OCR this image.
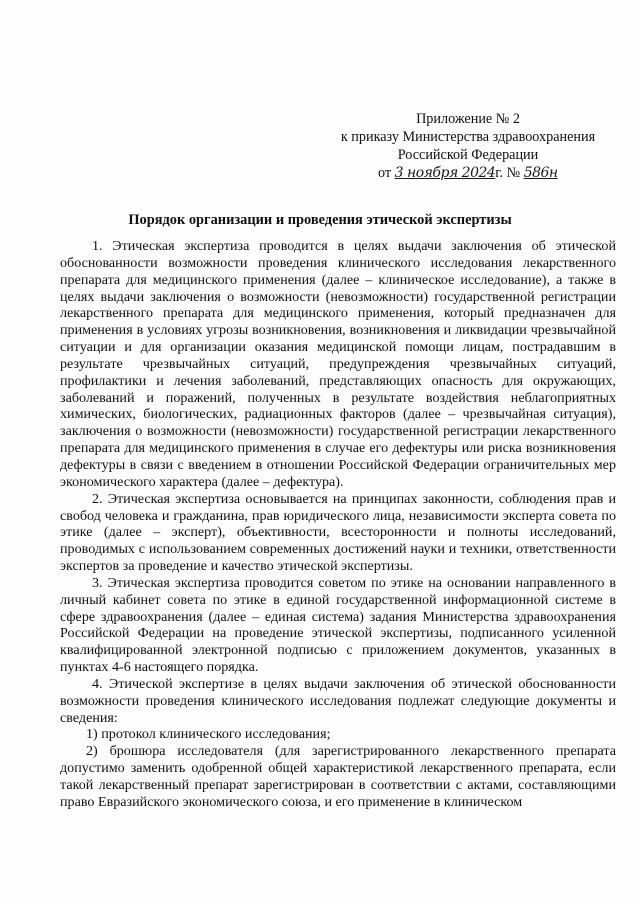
Приложение № 2
к приказу Министерства здравоохранения
Российской Федерации
от 3 ноября 2024г. № 586н
Порядок организации и проведения этической экспертизы

1. Этическая экспертиза проводится в целях выдачи заключения об этической обоснованности возможности проведения клинического исследования лекарственного препарата для медицинского применения (далее – клиническое исследование), а также в целях выдачи заключения о возможности (невозможности) государственной регистрации лекарственного препарата для медицинского применения, который предназначен для применения в условиях угрозы возникновения, возникновения и ликвидации чрезвычайной ситуации и для организации оказания медицинской помощи лицам, пострадавшим в результате чрезвычайных ситуаций, предупреждения чрезвычайных ситуаций, профилактики и лечения заболеваний, представляющих опасность для окружающих, заболеваний и поражений, полученных в результате воздействия неблагоприятных химических, биологических, радиационных факторов (далее – чрезвычайная ситуация), заключения о возможности (невозможности) государственной регистрации лекарственного препарата для медицинского применения в случае его дефектуры или риска возникновения дефектуры в связи с введением в отношении Российской Федерации ограничительных мер экономического характера (далее – дефектура).

2. Этическая экспертиза основывается на принципах законности, соблюдения прав и свобод человека и гражданина, прав юридического лица, независимости эксперта совета по этике (далее – эксперт), объективности, всесторонности и полноты исследований, проводимых с использованием современных достижений науки и техники, ответственности экспертов за проведение и качество этической экспертизы.

3. Этическая экспертиза проводится советом по этике на основании направленного в личный кабинет совета по этике в единой государственной информационной системе в сфере здравоохранения (далее – единая система) задания Министерства здравоохранения Российской Федерации на проведение этической экспертизы, подписанного усиленной квалифицированной электронной подписью с приложением документов, указанных в пунктах 4-6 настоящего порядка.

4. Этической экспертизе в целях выдачи заключения об этической обоснованности возможности проведения клинического исследования подлежат следующие документы и сведения:

1) протокол клинического исследования;

2) брошюра исследователя (для зарегистрированного лекарственного препарата допустимо заменить одобренной общей характеристикой лекарственного препарата, если такой лекарственный препарат зарегистрирован в соответствии с актами, составляющими право Евразийского экономического союза, и его применение в клиническом
